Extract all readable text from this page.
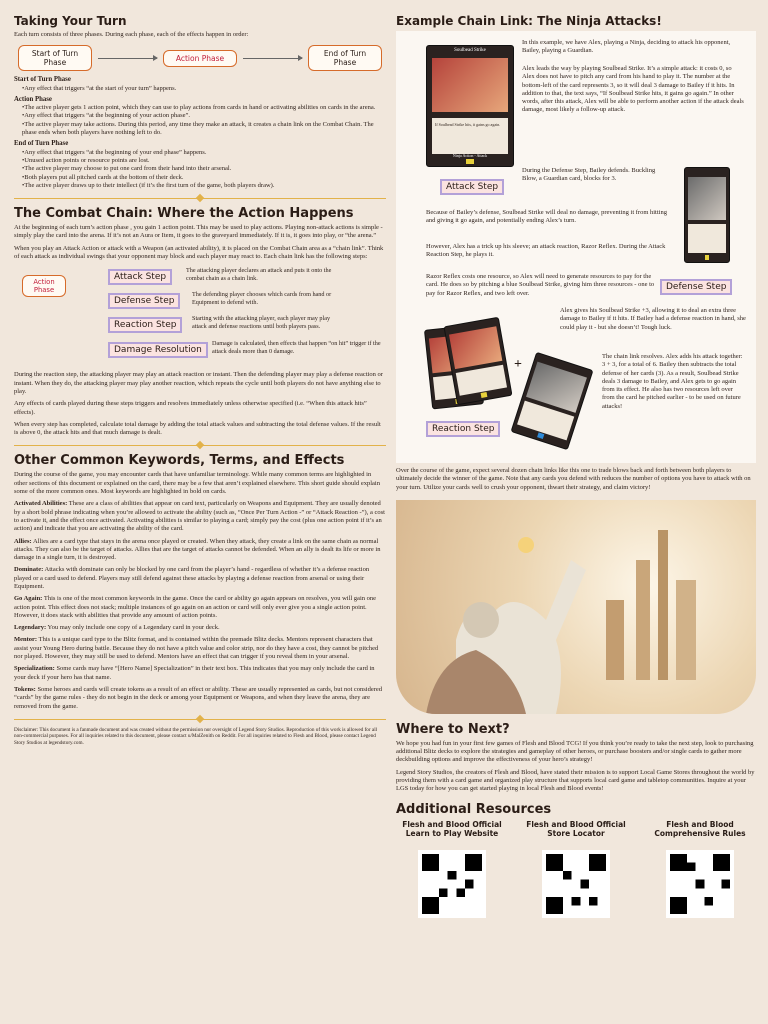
Taking Your Turn

Each turn consists of three phases. During each phase, each of the effects happen in order:

Start of Turn Phase	Action Phase	End of Turn Phase

Start of Turn Phase

•Any effect that triggers “at the start of your turn” happens.

Action Phase

•The active player gets 1 action point, which they can use to play actions from cards in hand or activating abilities on cards in the arena.

•Any effect that triggers “at the beginning of your action phase”.

•The active player may take actions. During this period, any time they make an attack, it creates a chain link on the Combat Chain. The phase ends when both players have nothing left to do.

End of Turn Phase

•Any effect that triggers “at the beginning of your end phase” happens.

•Unused action points or resource points are lost.

•The active player may choose to put one card from their hand into their arsenal.

•Both players put all pitched cards at the bottom of their deck.

•The active player draws up to their intellect (if it’s the first turn of the game, both players draw).

The Combat Chain: Where the Action Happens

At the beginning of each turn’s action phase , you gain 1 action point. This may be used to play actions. Playing non-attack actions is simple - simply play the card into the arena. If it’s not an Aura or Item, it goes to the graveyard immediately. If it is, it goes into play, or “the arena.”

When you play an Attack Action or attack with a Weapon (an activated ability), it is placed on the Combat Chain area as a “chain link”. Think of each attack as individual swings that your opponent may block and each player may react to. Each chain link has the following steps:

Action Phase
Attack Step
The attacking player declares an attack and puts it onto the combat chain as a chain link.
Defense Step
The defending player chooses which cards from hand or Equipment to defend with.
Reaction Step
Starting with the attacking player, each player may play attack and defense reactions until both players pass.
Damage Resolution
Damage is calculated, then effects that happen “on hit” trigger if the attack deals more than 0 damage.

During the reaction step, the attacking player may play an attack reaction or instant. Then the defending player may play a defense reaction or instant. When they do, the attacking player may play another reaction, which repeats the cycle until both players do not have anything else to play.

Any effects of cards played during these steps triggers and resolves immediately unless otherwise specified (i.e. “When this attack hits” effects).

When every step has completed, calculate total damage by adding the total attack values and subtracting the total defense values. If the result is above 0, the attack hits and that much damage is dealt.

Other Common Keywords, Terms, and Effects

During the course of the game, you may encounter cards that have unfamiliar terminology. While many common terms are highlighted in other sections of this document or explained on the card, there may be a few that aren’t explained elsewhere. This short guide should explain some of the more common ones. Most keywords are highlighted in bold on cards.

Activated Abilities: These are a class of abilities that appear on card text, particularly on Weapons and Equipment. They are usually denoted by a short bold phrase indicating when you’re allowed to activate the ability (such as, “Once Per Turn Action -” or “Attack Reaction -”), a cost to activate it, and the effect once activated. Activating abilities is similar to playing a card; simply pay the cost (plus one action point if it’s an action) and indicate that you are activating the ability of the card.

Allies: Allies are a card type that stays in the arena once played or created. When they attack, they create a link on the same chain as normal attacks. They can also be the target of attacks. Allies that are the target of attacks cannot be defended. When an ally is dealt its life or more in damage in a single turn, it is destroyed.

Dominate: Attacks with dominate can only be blocked by one card from the player’s hand - regardless of whether it’s a defense reaction played or a card used to defend. Players may still defend against these attacks by playing a defense reaction from arsenal or using their Equipment.

Go Again: This is one of the most common keywords in the game. Once the card or ability go again appears on resolves, you will gain one action point. This effect does not stack; multiple instances of go again on an action or card will only ever give you a single action point. However, it does stack with abilities that provide any amount of action points.

Legendary: You may only include one copy of a Legendary card in your deck.

Mentor: This is a unique card type to the Blitz format, and is contained within the premade Blitz decks. Mentors represent characters that assist your Young Hero during battle. Because they do not have a pitch value and color strip, nor do they have a cost, they cannot be pitched nor played. However, they may still be used to defend. Mentors have an effect that can trigger if you reveal them in your arsenal.

Specialization: Some cards may have “[Hero Name] Specialization” in their text box. This indicates that you may only include the card in your deck if your hero has that name.

Tokens: Some heroes and cards will create tokens as a result of an effect or ability. These are usually represented as cards, but not considered “cards” by the game rules - they do not begin in the deck or among your Equipment or Weapons, and when they leave the arena, they are removed from the game.

Disclaimer: This document is a fanmade document and was created without the permission nor oversight of Legend Story Studios. Reproduction of this work is allowed for all non-commercial purposes. For all inquiries related to this document, please contact u/MalZenith on Reddit. For all inquiries related to Flesh and Blood, please contact Legend Story Studios at legendstory.com.

Example Chain Link: The Ninja Attacks!
Soulbead Strike
If Soulbead Strike hits, it gains go again.
Ninja Action - Attack

In this example, we have Alex, playing a Ninja, deciding to attack his opponent, Bailey, playing a Guardian.

Alex leads the way by playing Soulbead Strike. It’s a simple attack: it costs 0, so Alex does not have to pitch any card from his hand to play it. The number at the bottom-left of the card represents 3, so it will deal 3 damage to Bailey if it hits. In addition to that, the text says, “If Soulbead Strike hits, it gains go again.” In other words, after this attack, Alex will be able to perform another action if the attack deals damage, most likely a follow-up attack.

Attack Step

During the Defense Step, Bailey defends. Buckling Blow, a Guardian card, blocks for 3.

Because of Bailey’s defense, Soulbead Strike will deal no damage, preventing it from hitting and giving it go again, and potentially ending Alex’s turn.

However, Alex has a trick up his sleeve; an attack reaction, Razor Reflex. During the Attack Reaction Step, he plays it.

Razor Reflex costs one resource, so Alex will need to generate resources to pay for the card. He does so by pitching a blue Soulbead Strike, giving him three resources - one to pay for Razor Reflex, and two left over.

Defense Step

Alex gives his Soulbead Strike +3, allowing it to deal an extra three damage to Bailey if it hits. If Bailey had a defense reaction in hand, she could play it - but she doesn’t! Tough luck.

+

The chain link resolves. Alex adds his attack together: 3 + 3, for a total of 6. Bailey then subtracts the total defense of her cards (3). As a result, Soulbead Strike deals 3 damage to Bailey, and Alex gets to go again from its effect. He also has two resources left over from the card he pitched earlier - to be used on future attacks!

Reaction Step

Over the course of the game, expect several dozen chain links like this one to trade blows back and forth between both players to ultimately decide the winner of the game. Note that any cards you defend with reduces the number of options you have to attack with on your turn. Utilize your cards well to crush your opponent, thwart their strategy, and claim victory!

Where to Next?

We hope you had fun in your first few games of Flesh and Blood TCG! If you think you’re ready to take the next step, look to purchasing additional Blitz decks to explore the strategies and gameplay of other heroes, or purchase boosters and/or single cards to gather more deckbuilding options and improve the effectiveness of your hero’s strategy!

Legend Story Studios, the creators of Flesh and Blood, have stated their mission is to support Local Game Stores throughout the world by providing them with a card game and organized play structure that supports local card game and tabletop communities. Inquire at your LGS today for how you can get started playing in local Flesh and Blood events!

Additional Resources
Flesh and Blood Official Learn to Play Website
Flesh and Blood Official Store Locator
Flesh and Blood Comprehensive Rules
